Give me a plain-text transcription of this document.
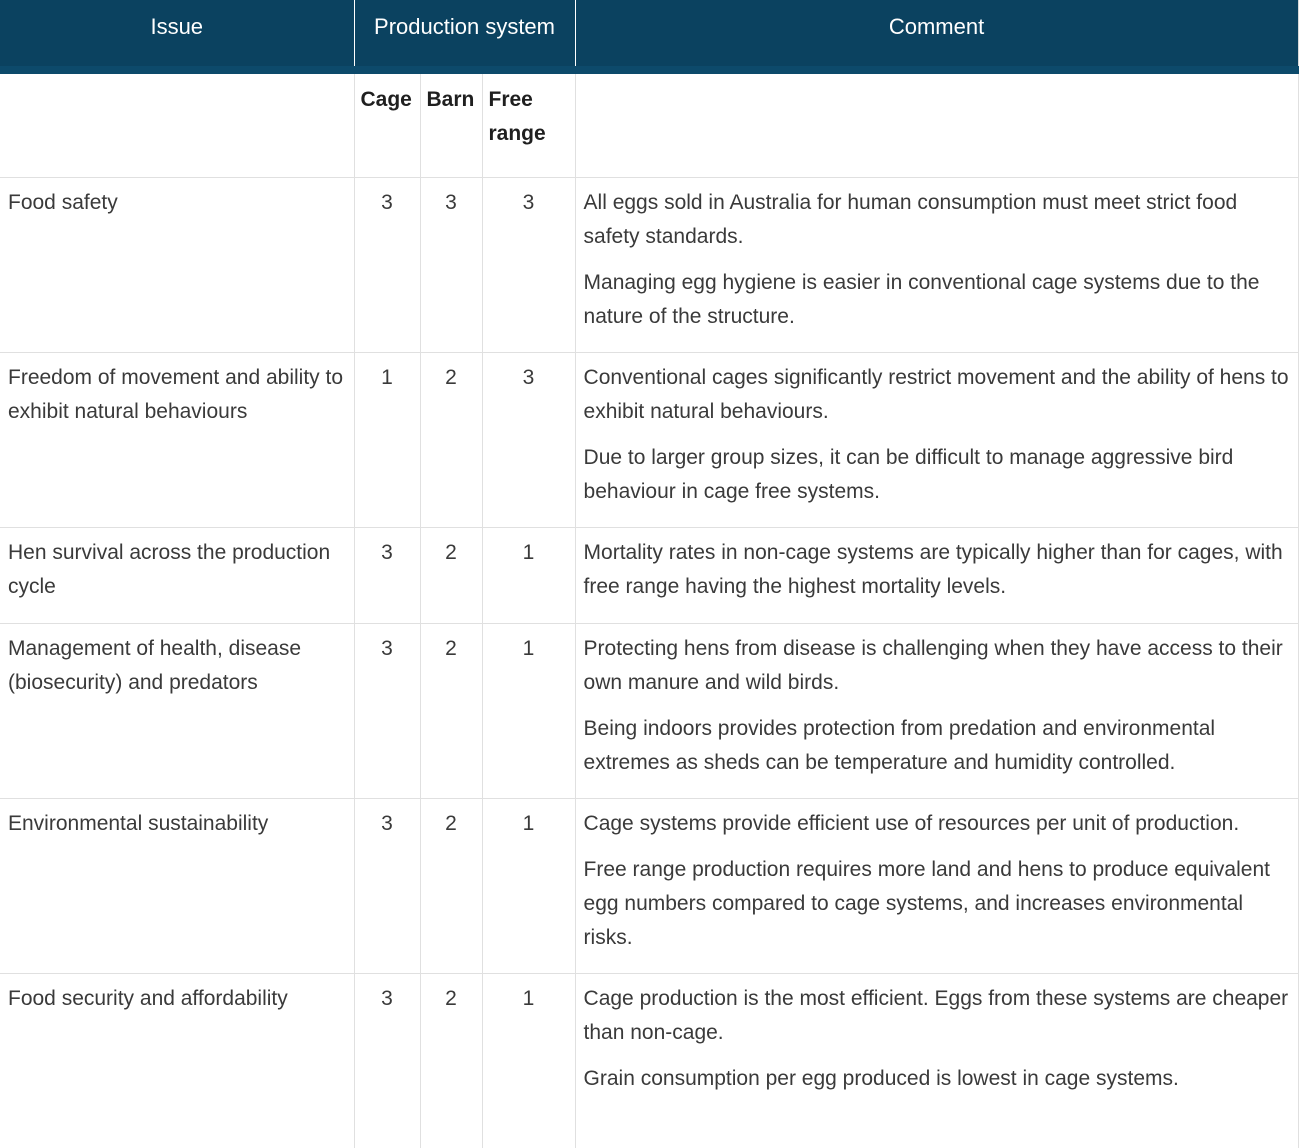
Issue	Production system			Comment
	Cage	Barn	Free range	
Food safety	3	3	3	All eggs sold in Australia for human consumption must meet strict food safety standards.

Managing egg hygiene is easier in conventional cage systems due to the nature of the structure.

Freedom of movement and ability to exhibit natural behaviours	1	2	3	Conventional cages significantly restrict movement and the ability of hens to exhibit natural behaviours.

Due to larger group sizes, it can be difficult to manage aggressive bird behaviour in cage free systems.

Hen survival across the production cycle	3	2	1	Mortality rates in non-cage systems are typically higher than for cages, with free range having the highest mortality levels.

Management of health, disease (biosecurity) and predators	3	2	1	Protecting hens from disease is challenging when they have access to their own manure and wild birds.

Being indoors provides protection from predation and environmental extremes as sheds can be temperature and humidity controlled.

Environmental sustainability	3	2	1	Cage systems provide efficient use of resources per unit of production.

Free range production requires more land and hens to produce equivalent egg numbers compared to cage systems, and increases environmental risks.

Food security and affordability	3	2	1	Cage production is the most efficient. Eggs from these systems are cheaper than non-cage.

Grain consumption per egg produced is lowest in cage systems.
